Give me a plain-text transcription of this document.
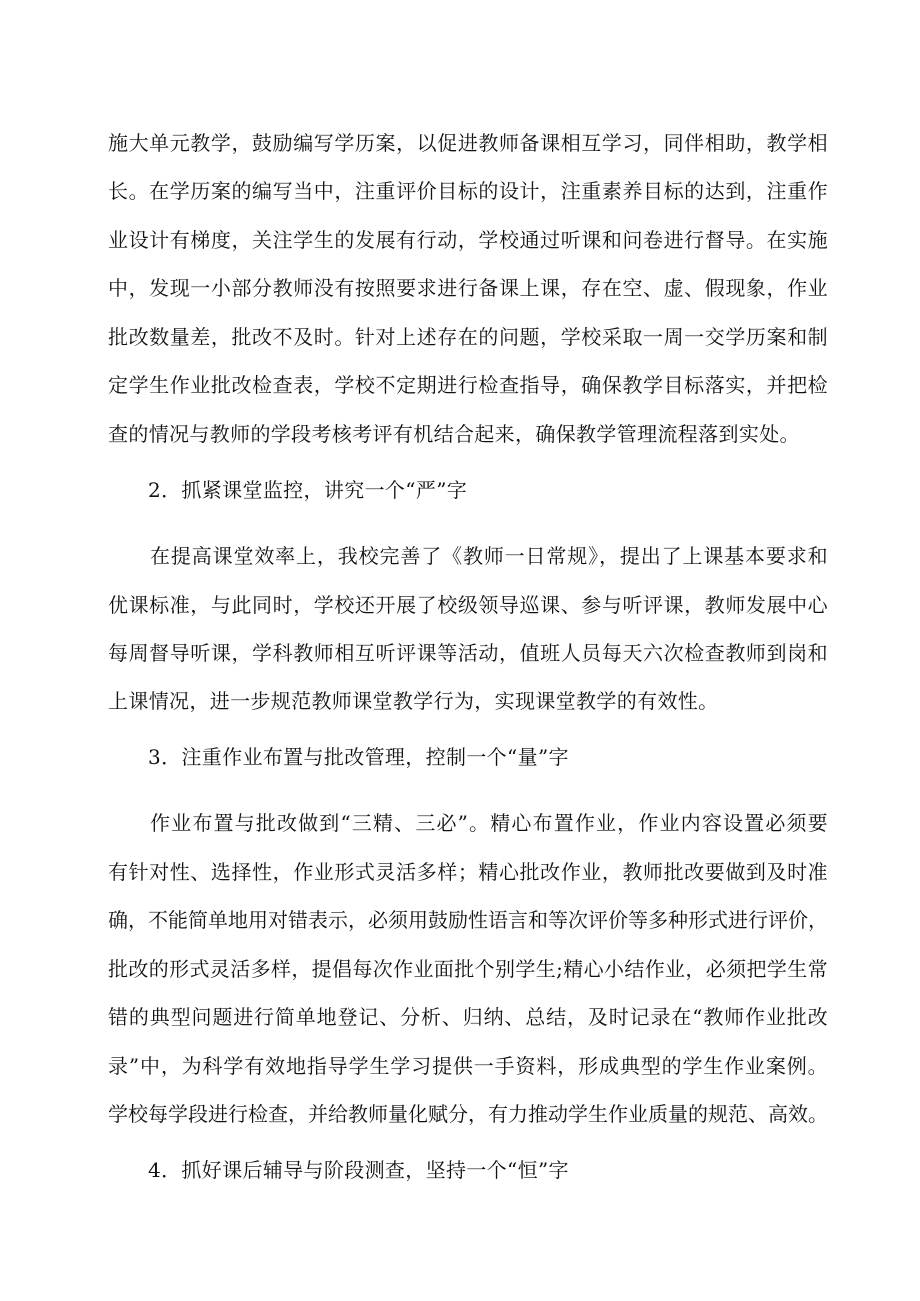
施大单元教学，鼓励编写学历案，以促进教师备课相互学习，同伴相助，教学相

长。在学历案的编写当中，注重评价目标的设计，注重素养目标的达到，注重作

业设计有梯度，关注学生的发展有行动，学校通过听课和问卷进行督导。在实施

中，发现一小部分教师没有按照要求进行备课上课，存在空、虚、假现象，作业

批改数量差，批改不及时。针对上述存在的问题，学校采取一周一交学历案和制

定学生作业批改检查表，学校不定期进行检查指导，确保教学目标落实，并把检

查的情况与教师的学段考核考评有机结合起来，确保教学管理流程落到实处。

2．抓紧课堂监控，讲究一个“严”字

在提高课堂效率上，我校完善了《教师一日常规》，提出了上课基本要求和

优课标准，与此同时，学校还开展了校级领导巡课、参与听评课，教师发展中心

每周督导听课，学科教师相互听评课等活动，值班人员每天六次检查教师到岗和

上课情况，进一步规范教师课堂教学行为，实现课堂教学的有效性。

3．注重作业布置与批改管理，控制一个“量”字

作业布置与批改做到“三精、三必”。精心布置作业，作业内容设置必须要

有针对性、选择性，作业形式灵活多样；精心批改作业，教师批改要做到及时准

确，不能简单地用对错表示，必须用鼓励性语言和等次评价等多种形式进行评价，

批改的形式灵活多样，提倡每次作业面批个别学生;精心小结作业，必须把学生常

错的典型问题进行简单地登记、分析、归纳、总结，及时记录在“教师作业批改

录”中，为科学有效地指导学生学习提供一手资料，形成典型的学生作业案例。

学校每学段进行检查，并给教师量化赋分，有力推动学生作业质量的规范、高效。

4．抓好课后辅导与阶段测查，坚持一个“恒”字
